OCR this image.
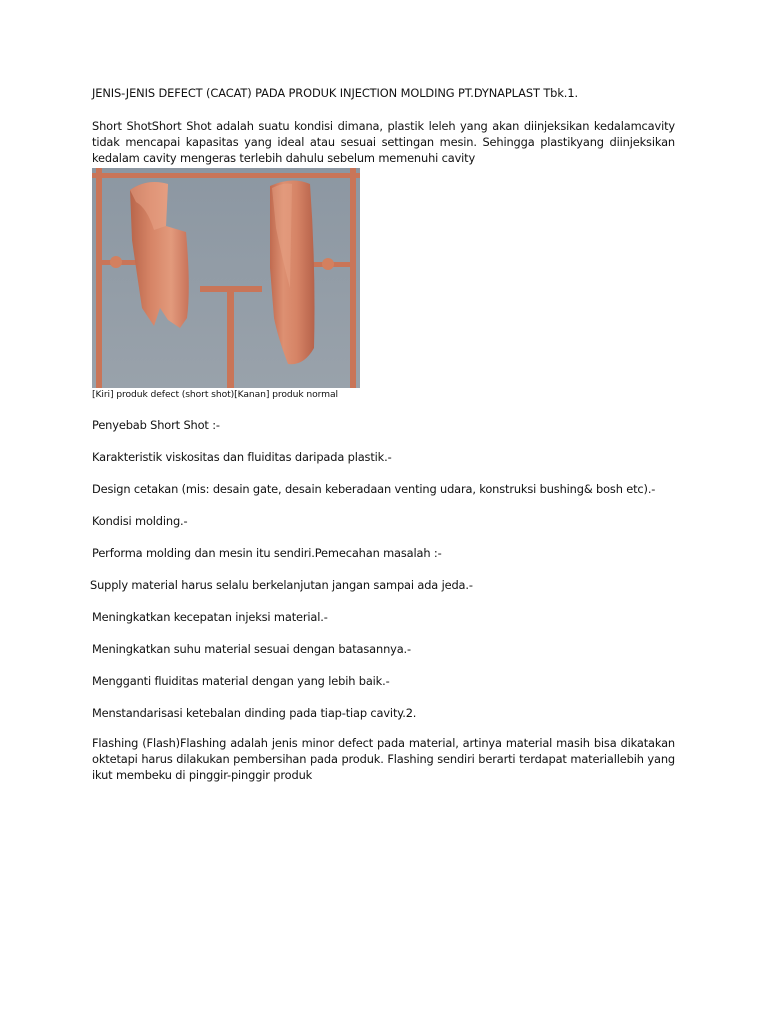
JENIS-JENIS DEFECT (CACAT) PADA PRODUK INJECTION MOLDING PT.DYNAPLAST Tbk.1.

Short ShotShort Shot adalah suatu kondisi dimana, plastik leleh yang akan diinjeksikan kedalamcavity tidak mencapai kapasitas yang ideal atau sesuai settingan mesin. Sehingga plastikyang diinjeksikan kedalam cavity mengeras terlebih dahulu sebelum memenuhi cavity

[Kiri] produk defect (short shot)[Kanan] produk normal

Penyebab Short Shot :-

Karakteristik viskositas dan fluiditas daripada plastik.-

Design cetakan (mis: desain gate, desain keberadaan venting udara, konstruksi bushing& bosh etc).-

Kondisi molding.-

Performa molding dan mesin itu sendiri.Pemecahan masalah :-

Supply material harus selalu berkelanjutan jangan sampai ada jeda.-

Meningkatkan kecepatan injeksi material.-

Meningkatkan suhu material sesuai dengan batasannya.-

Mengganti fluiditas material dengan yang lebih baik.-

Menstandarisasi ketebalan dinding pada tiap-tiap cavity.2.

Flashing (Flash)Flashing adalah jenis minor defect pada material, artinya material masih bisa dikatakan oktetapi harus dilakukan pembersihan pada produk. Flashing sendiri berarti terdapat materiallebih yang ikut membeku di pinggir-pinggir produk
